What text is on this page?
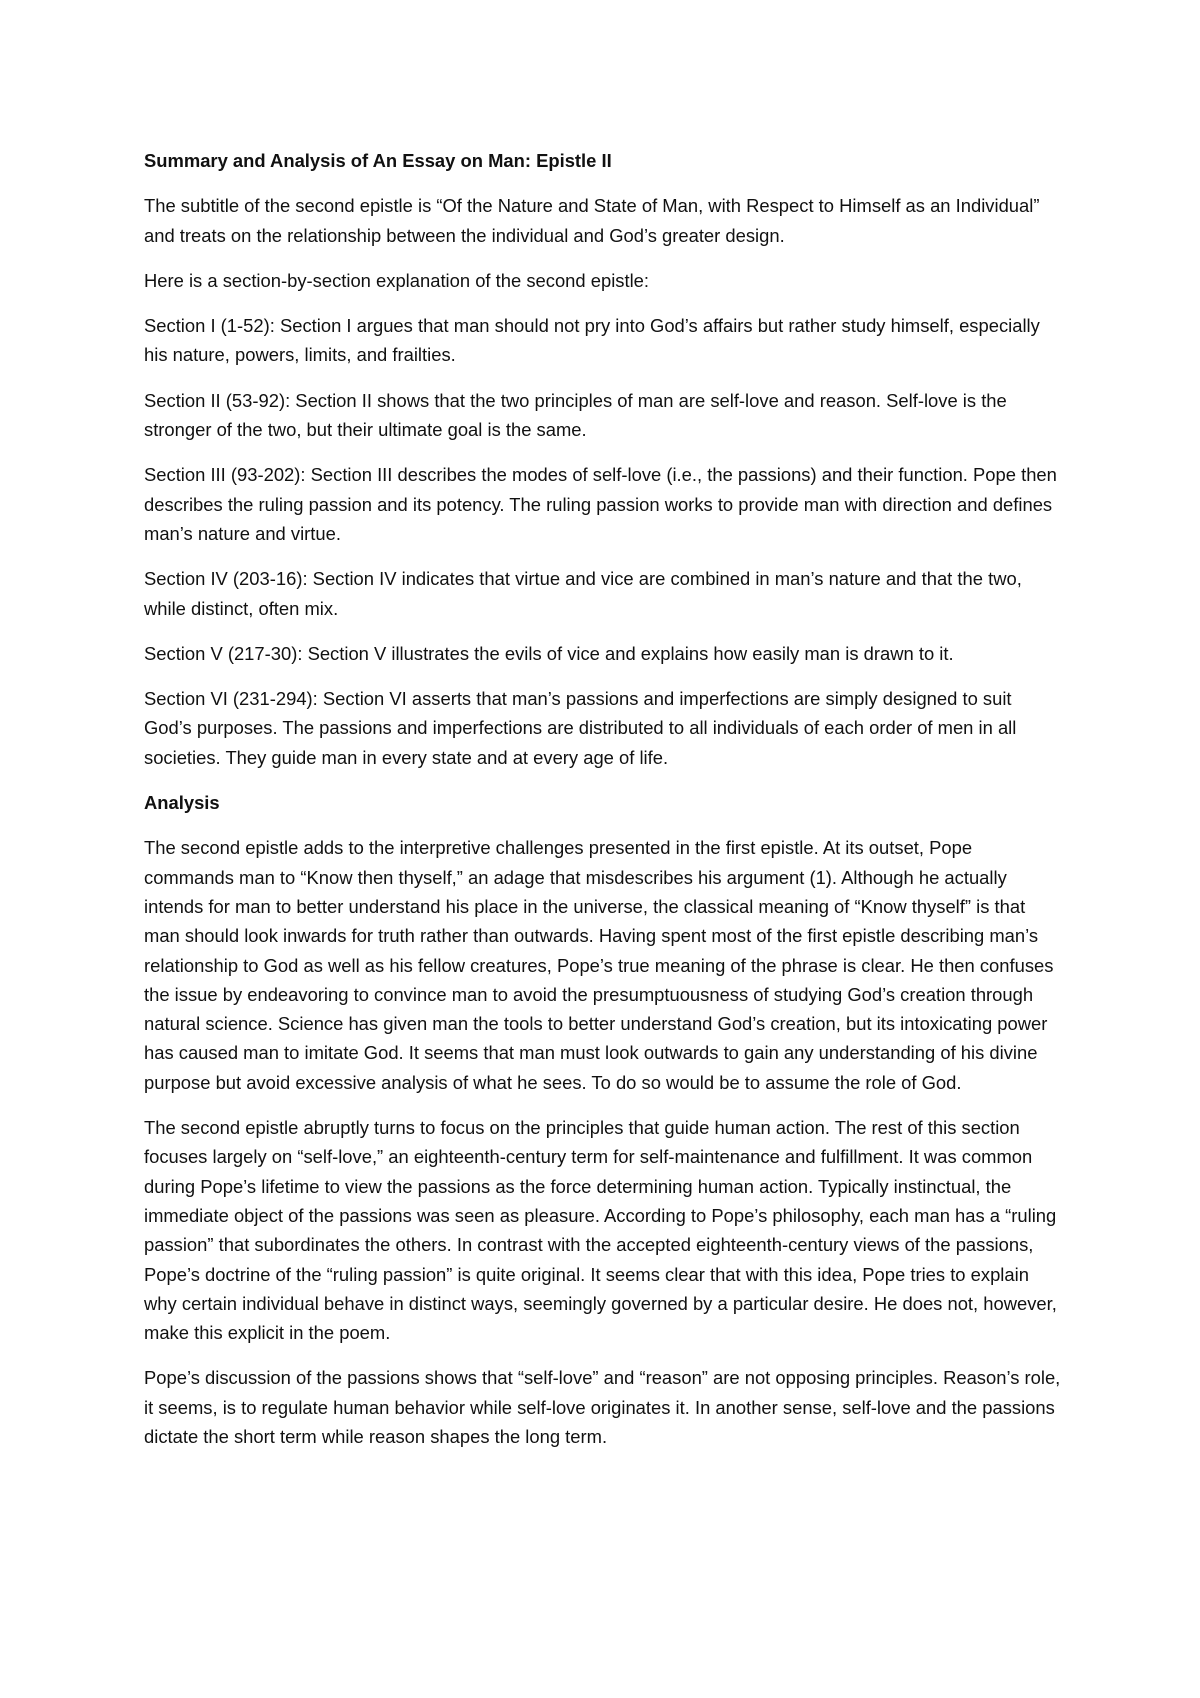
Summary and Analysis of An Essay on Man: Epistle II

The subtitle of the second epistle is “Of the Nature and State of Man, with Respect to Himself as an Individual” and treats on the relationship between the individual and God’s greater design.

Here is a section-by-section explanation of the second epistle:

Section I (1-52): Section I argues that man should not pry into God’s affairs but rather study himself, especially his nature, powers, limits, and frailties.

Section II (53-92): Section II shows that the two principles of man are self-love and reason. Self-love is the stronger of the two, but their ultimate goal is the same.

Section III (93-202): Section III describes the modes of self-love (i.e., the passions) and their function. Pope then describes the ruling passion and its potency. The ruling passion works to provide man with direction and defines man’s nature and virtue.

Section IV (203-16): Section IV indicates that virtue and vice are combined in man’s nature and that the two, while distinct, often mix.

Section V (217-30): Section V illustrates the evils of vice and explains how easily man is drawn to it.

Section VI (231-294): Section VI asserts that man’s passions and imperfections are simply designed to suit God’s purposes. The passions and imperfections are distributed to all individuals of each order of men in all societies. They guide man in every state and at every age of life.

Analysis

The second epistle adds to the interpretive challenges presented in the first epistle. At its outset, Pope commands man to “Know then thyself,” an adage that misdescribes his argument (1). Although he actually intends for man to better understand his place in the universe, the classical meaning of “Know thyself” is that man should look inwards for truth rather than outwards. Having spent most of the first epistle describing man’s relationship to God as well as his fellow creatures, Pope’s true meaning of the phrase is clear. He then confuses the issue by endeavoring to convince man to avoid the presumptuousness of studying God’s creation through natural science. Science has given man the tools to better understand God’s creation, but its intoxicating power has caused man to imitate God. It seems that man must look outwards to gain any understanding of his divine purpose but avoid excessive analysis of what he sees. To do so would be to assume the role of God.

The second epistle abruptly turns to focus on the principles that guide human action. The rest of this section focuses largely on “self-love,” an eighteenth-century term for self-maintenance and fulfillment. It was common during Pope’s lifetime to view the passions as the force determining human action. Typically instinctual, the immediate object of the passions was seen as pleasure. According to Pope’s philosophy, each man has a “ruling passion” that subordinates the others. In contrast with the accepted eighteenth-century views of the passions, Pope’s doctrine of the “ruling passion” is quite original. It seems clear that with this idea, Pope tries to explain why certain individual behave in distinct ways, seemingly governed by a particular desire. He does not, however, make this explicit in the poem.

Pope’s discussion of the passions shows that “self-love” and “reason” are not opposing principles. Reason’s role, it seems, is to regulate human behavior while self-love originates it. In another sense, self-love and the passions dictate the short term while reason shapes the long term.
